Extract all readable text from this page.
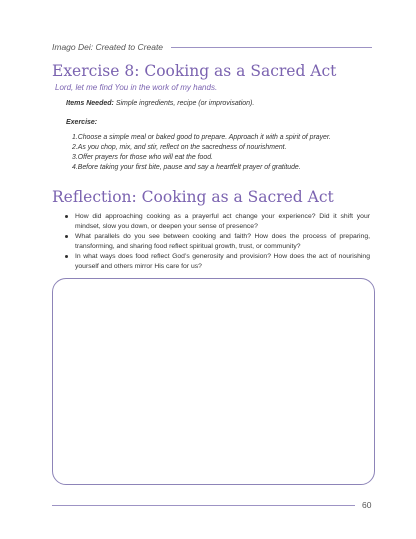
Imago Dei: Created to Create
Exercise 8: Cooking as a Sacred Act
Lord, let me find You in the work of my hands.
Items Needed: Simple ingredients, recipe (or improvisation).
Exercise:
1.Choose a simple meal or baked good to prepare. Approach it with a spirit of prayer.
2.As you chop, mix, and stir, reflect on the sacredness of nourishment.
3.Offer prayers for those who will eat the food.
4.Before taking your first bite, pause and say a heartfelt prayer of gratitude.
Reflection: Cooking as a Sacred Act
How did approaching cooking as a prayerful act change your experience? Did it shift your mindset, slow you down, or deepen your sense of presence?
What parallels do you see between cooking and faith? How does the process of preparing, transforming, and sharing food reflect spiritual growth, trust, or community?
In what ways does food reflect God’s generosity and provision? How does the act of nourishing yourself and others mirror His care for us?
60
